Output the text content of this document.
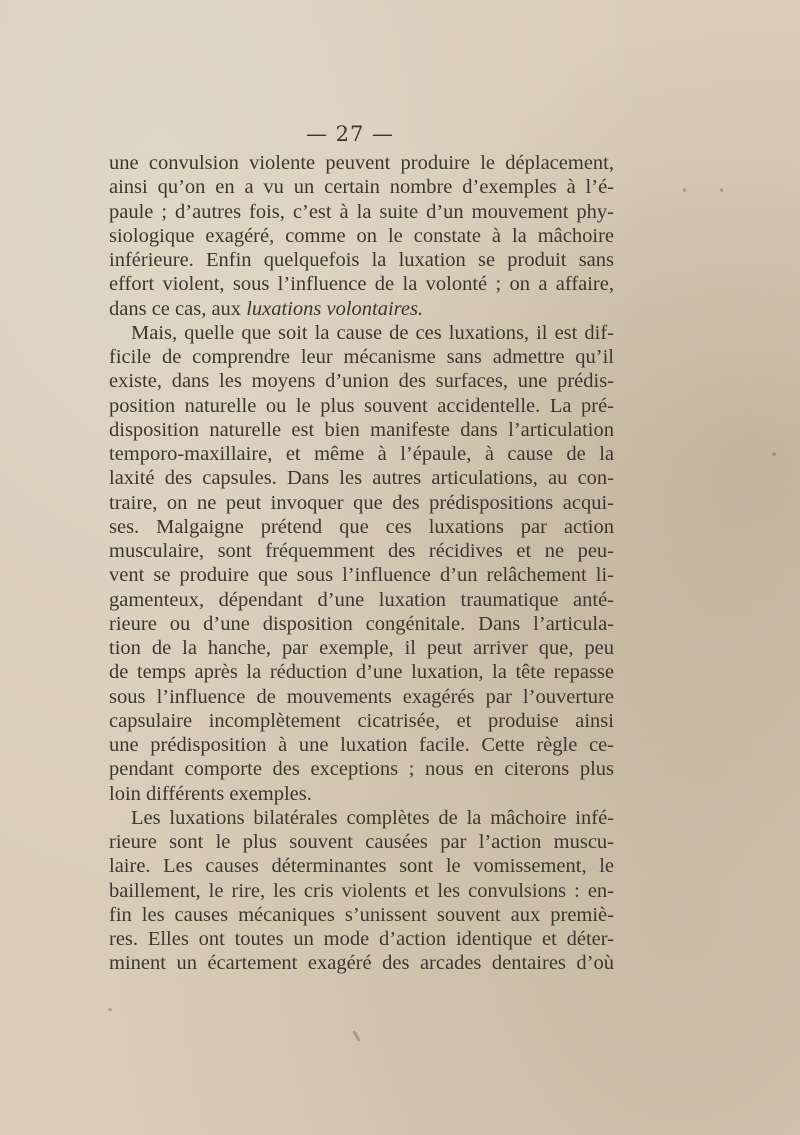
— 27 —
une convulsion violente peuvent produire le déplacement,
ainsi qu’on en a vu un certain nombre d’exemples à l’é-
paule ; d’autres fois, c’est à la suite d’un mouvement phy-
siologique exagéré, comme on le constate à la mâchoire
inférieure. Enfin quelquefois la luxation se produit sans
effort violent, sous l’influence de la volonté ; on a affaire,
dans ce cas, aux luxations volontaires.
Mais, quelle que soit la cause de ces luxations, il est dif-
ficile de comprendre leur mécanisme sans admettre qu’il
existe, dans les moyens d’union des surfaces, une prédis-
position naturelle ou le plus souvent accidentelle. La pré-
disposition naturelle est bien manifeste dans l’articulation
temporo-maxillaire, et même à l’épaule, à cause de la
laxité des capsules. Dans les autres articulations, au con-
traire, on ne peut invoquer que des prédispositions acqui-
ses. Malgaigne prétend que ces luxations par action
musculaire, sont fréquemment des récidives et ne peu-
vent se produire que sous l’influence d’un relâchement li-
gamenteux, dépendant d’une luxation traumatique anté-
rieure ou d’une disposition congénitale. Dans l’articula-
tion de la hanche, par exemple, il peut arriver que, peu
de temps après la réduction d’une luxation, la tête repasse
sous l’influence de mouvements exagérés par l’ouverture
capsulaire incomplètement cicatrisée, et produise ainsi
une prédisposition à une luxation facile. Cette règle ce-
pendant comporte des exceptions ; nous en citerons plus
loin différents exemples.
Les luxations bilatérales complètes de la mâchoire infé-
rieure sont le plus souvent causées par l’action muscu-
laire. Les causes déterminantes sont le vomissement, le
baillement, le rire, les cris violents et les convulsions : en-
fin les causes mécaniques s’unissent souvent aux premiè-
res. Elles ont toutes un mode d’action identique et déter-
minent un écartement exagéré des arcades dentaires d’où
